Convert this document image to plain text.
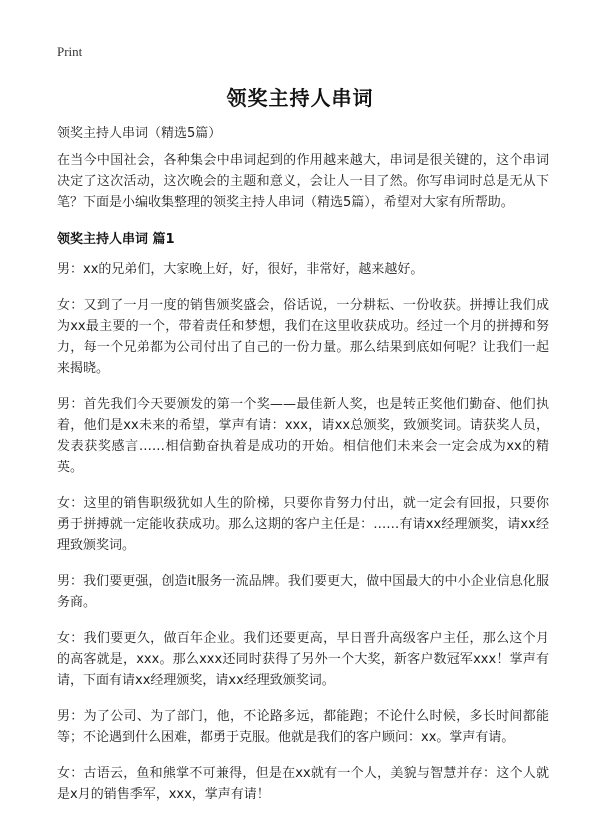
Print
领奖主持人串词
领奖主持人串词（精选5篇）

在当今中国社会，各种集会中串词起到的作用越来越大，串词是很关键的，这个串词决定了这次活动，这次晚会的主题和意义，会让人一目了然。你写串词时总是无从下笔？下面是小编收集整理的领奖主持人串词（精选5篇），希望对大家有所帮助。

领奖主持人串词 篇1

男：xx的兄弟们，大家晚上好，好，很好，非常好，越来越好。

女：又到了一月一度的销售颁奖盛会，俗话说，一分耕耘、一份收获。拼搏让我们成为xx最主要的一个，带着责任和梦想，我们在这里收获成功。经过一个月的拼搏和努力，每一个兄弟都为公司付出了自己的一份力量。那么结果到底如何呢？让我们一起来揭晓。

男：首先我们今天要颁发的第一个奖——最佳新人奖，也是转正奖他们勤奋、他们执着，他们是xx未来的希望，掌声有请：xxx，请xx总颁奖，致颁奖词。请获奖人员，发表获奖感言……相信勤奋执着是成功的开始。相信他们未来会一定会成为xx的精英。

女：这里的销售职级犹如人生的阶梯，只要你肯努力付出，就一定会有回报，只要你勇于拼搏就一定能收获成功。那么这期的客户主任是：……有请xx经理颁奖，请xx经理致颁奖词。

男：我们要更强，创造it服务一流品牌。我们要更大，做中国最大的中小企业信息化服务商。

女：我们要更久，做百年企业。我们还要更高，早日晋升高级客户主任，那么这个月的高客就是，xxx。那么xxx还同时获得了另外一个大奖，新客户数冠军xxx！掌声有请，下面有请xx经理颁奖，请xx经理致颁奖词。

男：为了公司、为了部门，他，不论路多远，都能跑；不论什么时候，多长时间都能等；不论遇到什么困难，都勇于克服。他就是我们的客户顾问：xx。掌声有请。

女：古语云，鱼和熊掌不可兼得，但是在xx就有一个人，美貌与智慧并存：这个人就是x月的销售季军，xxx，掌声有请！
